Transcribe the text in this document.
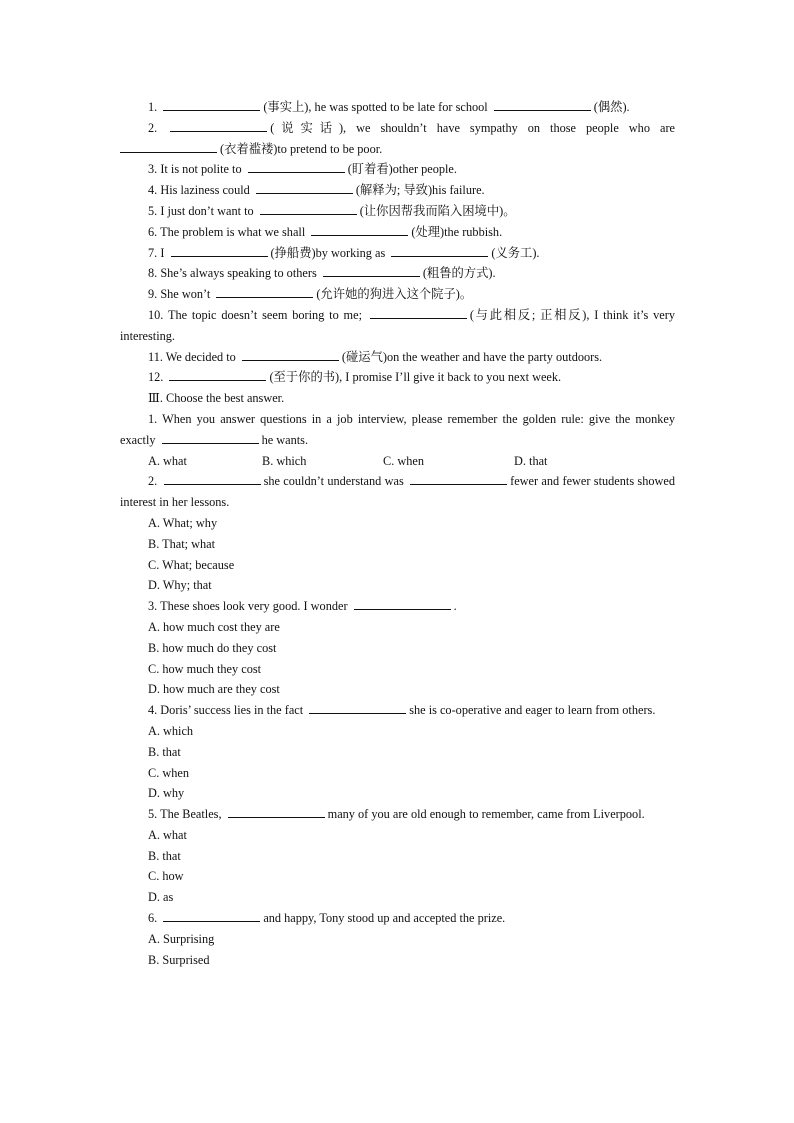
1.	(事实上), he was spotted to be late for school	(偶然).
2.	(说实话), we shouldn’t have sympathy on those people who are (衣着褴褛)to pretend to be poor.
3. It is not polite to	(盯着看)other people.
4. His laziness could	(解释为; 导致)his failure.
5. I just don’t want to	(让你因帮我而陷入困境中)。
6. The problem is what we shall	(处理)the rubbish.
7. I	(挣船费)by working as	(义务工).
8. She’s always speaking to others	(粗鲁的方式).
9. She won’t	(允许她的狗进入这个院子)。
10. The topic doesn’t seem boring to me;	(与此相反; 正相反), I think it’s very interesting.
11. We decided to	(碰运气)on the weather and have the party outdoors.
12.	(至于你的书), I promise I’ll give it back to you next week.
Ⅲ. Choose the best answer.
1. When you answer questions in a job interview, please remember the golden rule: give the monkey exactly	he wants.
A. what	B. which	C. when	D. that
2.	she couldn’t understand was	fewer and fewer students showed interest in her lessons.
A. What; why
B. That; what
C. What; because
D. Why; that
3. These shoes look very good. I wonder	.
A. how much cost they are
B. how much do they cost
C. how much they cost
D. how much are they cost
4. Doris’ success lies in the fact	she is co-operative and eager to learn from others.
A. which
B. that
C. when
D. why
5. The Beatles,	many of you are old enough to remember, came from Liverpool.
A. what
B. that
C. how
D. as
6.	and happy, Tony stood up and accepted the prize.
A. Surprising
B. Surprised
